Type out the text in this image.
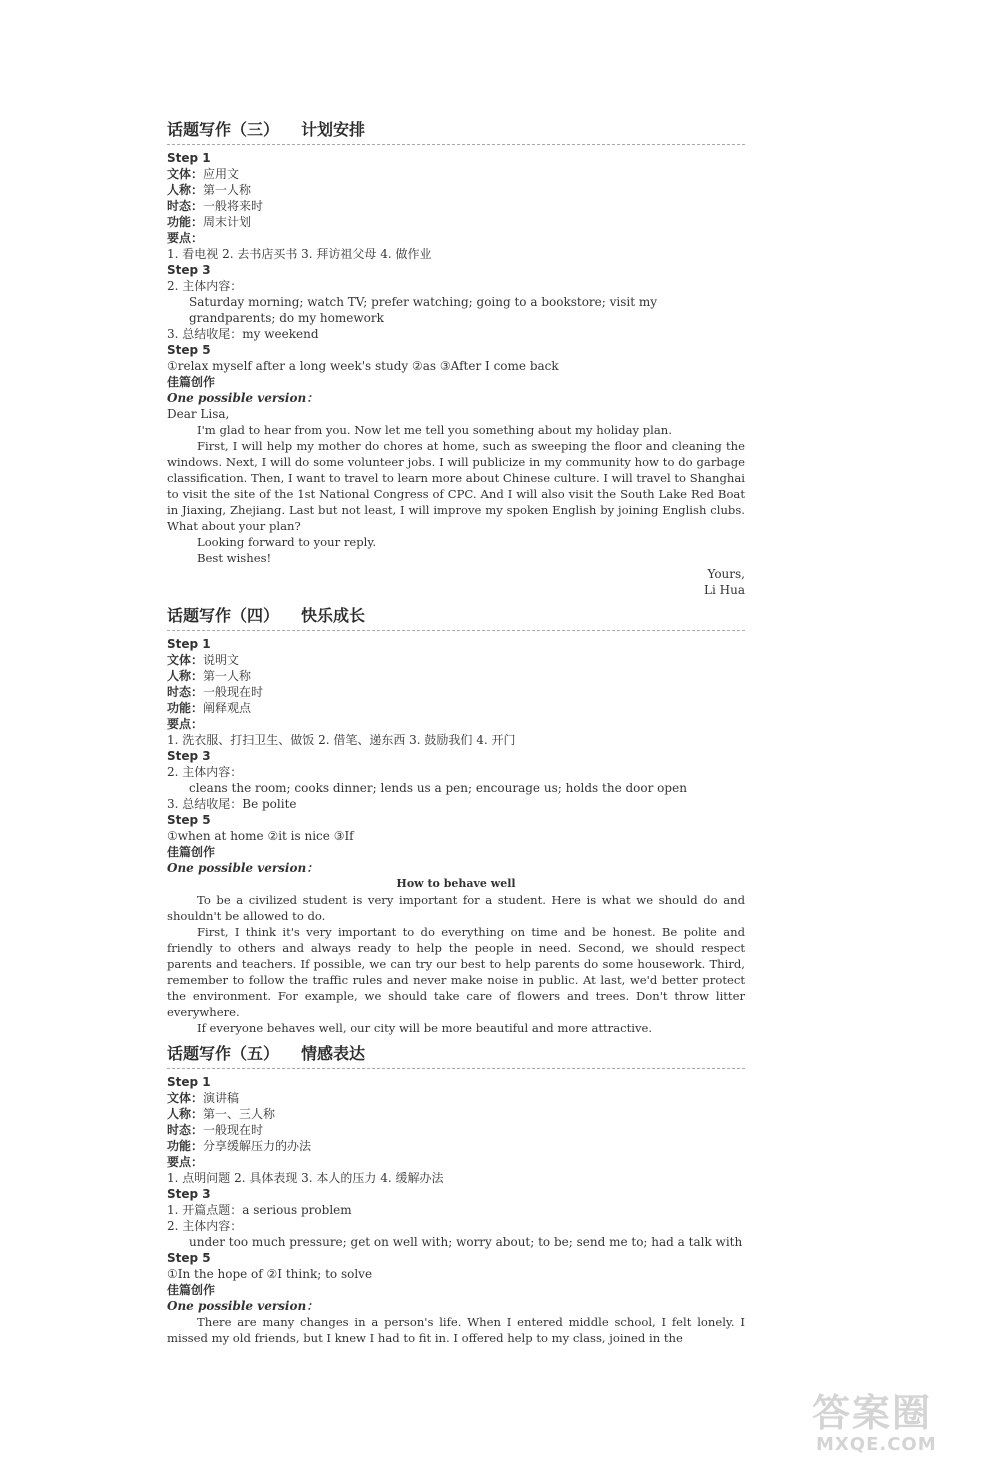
话题写作（三） 计划安排
Step 1
文体：应用文
人称：第一人称
时态：一般将来时
功能：周末计划
要点：
1. 看电视 2. 去书店买书 3. 拜访祖父母 4. 做作业
Step 3
2. 主体内容：
Saturday morning; watch TV; prefer watching; going to a bookstore; visit my
grandparents; do my homework
3. 总结收尾：my weekend
Step 5
①relax myself after a long week's study ②as ③After I come back
佳篇创作
One possible version：
Dear Lisa,

I'm glad to hear from you. Now let me tell you something about my holiday plan.

First, I will help my mother do chores at home, such as sweeping the floor and cleaning the windows. Next, I will do some volunteer jobs. I will publicize in my community how to do garbage classification. Then, I want to travel to learn more about Chinese culture. I will travel to Shanghai to visit the site of the 1st National Congress of CPC. And I will also visit the South Lake Red Boat in Jiaxing, Zhejiang. Last but not least, I will improve my spoken English by joining English clubs. What about your plan?

Looking forward to your reply.

Best wishes!

Yours,
Li Hua
话题写作（四） 快乐成长
Step 1
文体：说明文
人称：第一人称
时态：一般现在时
功能：阐释观点
要点：
1. 洗衣服、打扫卫生、做饭 2. 借笔、递东西 3. 鼓励我们 4. 开门
Step 3
2. 主体内容：
cleans the room; cooks dinner; lends us a pen; encourage us; holds the door open
3. 总结收尾：Be polite
Step 5
①when at home ②it is nice ③If
佳篇创作
One possible version：
How to behave well

To be a civilized student is very important for a student. Here is what we should do and shouldn't be allowed to do.

First, I think it's very important to do everything on time and be honest. Be polite and friendly to others and always ready to help the people in need. Second, we should respect parents and teachers. If possible, we can try our best to help parents do some housework. Third, remember to follow the traffic rules and never make noise in public. At last, we'd better protect the environment. For example, we should take care of flowers and trees. Don't throw litter everywhere.

If everyone behaves well, our city will be more beautiful and more attractive.

话题写作（五） 情感表达
Step 1
文体：演讲稿
人称：第一、三人称
时态：一般现在时
功能：分享缓解压力的办法
要点：
1. 点明问题 2. 具体表现 3. 本人的压力 4. 缓解办法
Step 3
1. 开篇点题：a serious problem
2. 主体内容：
under too much pressure; get on well with; worry about; to be; send me to; had a talk with
Step 5
①In the hope of ②I think; to solve
佳篇创作
One possible version：

There are many changes in a person's life. When I entered middle school, I felt lonely. I missed my old friends, but I knew I had to fit in. I offered help to my class, joined in the

答案圈
MXQE.COM
